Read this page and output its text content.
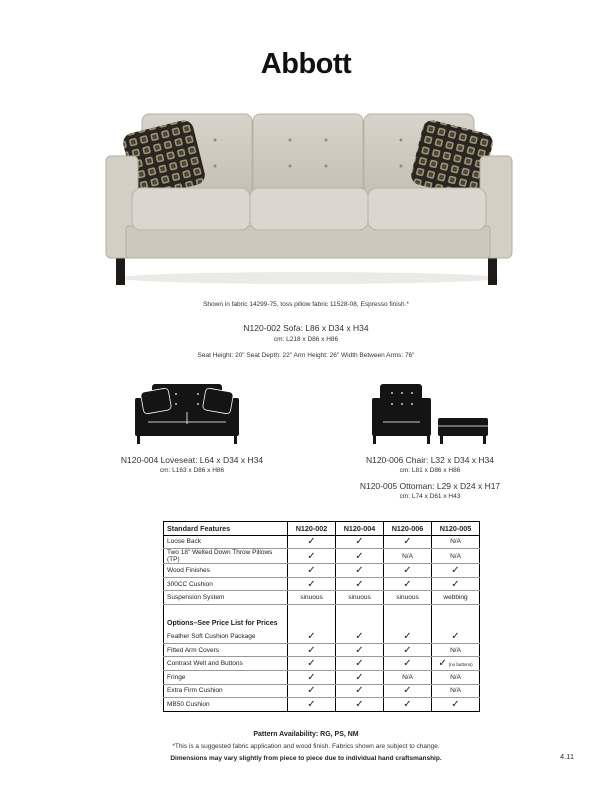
Abbott
Shown in fabric 14299-75, toss pillow fabric 11528-08, Espresso finish.*
N120-002 Sofa: L86 x D34 x H34
cm: L218 x D86 x H86
Seat Height: 20" Seat Depth: 22" Arm Height: 26" Width Between Arms: 76"
N120-004 Loveseat: L64 x D34 x H34
cm: L163 x D86 x H86
N120-006 Chair: L32 x D34 x H34
cm: L81 x D86 x H86
N120-005 Ottoman: L29 x D24 x H17
cm: L74 x D61 x H43
Standard Features	N120-002	N120-004	N120-006	N120-005
Loose Back	✓	✓	✓	N/A
Two 18" Welted Down Throw Pillows (TP)	✓	✓	N/A	N/A
Wood Finishes	✓	✓	✓	✓
300CC Cushion	✓	✓	✓	✓
Suspension System	sinuous	sinuous	sinuous	webbing

Options–See Price List for Prices				
Feather Soft Cushion Package	✓	✓	✓	✓
Fitted Arm Covers	✓	✓	✓	N/A
Contrast Welt and Buttons	✓	✓	✓	✓ (no buttons)
Fringe	✓	✓	N/A	N/A
Extra Firm Cushion	✓	✓	✓	N/A
MB50 Cushion	✓	✓	✓	✓
Pattern Availability: RG, PS, NM
*This is a suggested fabric application and wood finish. Fabrics shown are subject to change.
Dimensions may vary slightly from piece to piece due to individual hand craftsmanship.	4.11
